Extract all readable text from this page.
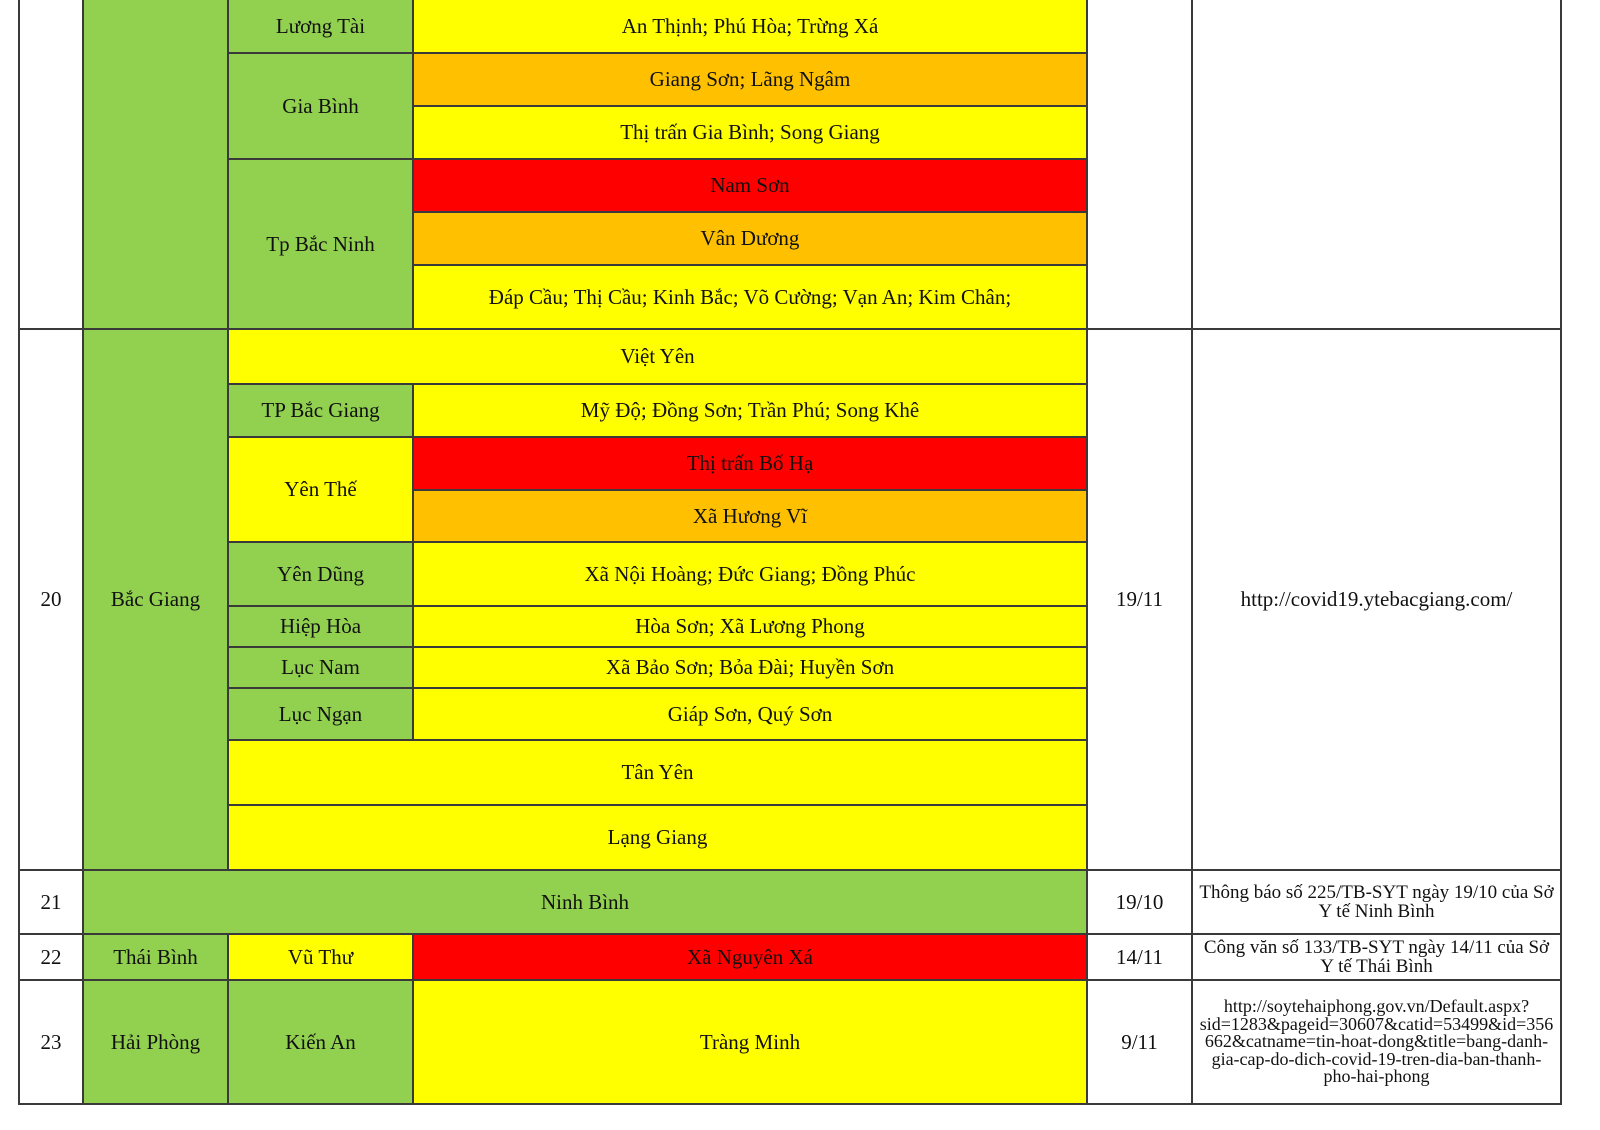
		Lương Tài	An Thịnh; Phú Hòa; Trừng Xá		
		Gia Bình	Giang Sơn; Lãng Ngâm		
			Thị trấn Gia Bình; Song Giang		
		Tp Bắc Ninh	Nam Sơn		
			Vân Dương		
			Đáp Cầu; Thị Cầu; Kinh Bắc; Võ Cường; Vạn An; Kim Chân;		

20	Bắc Giang	Việt Yên		19/11	http://covid19.ytebacgiang.com/
		TP Bắc Giang	Mỹ Độ; Đồng Sơn; Trần Phú; Song Khê		
		Yên Thế	Thị trấn Bố Hạ		
			Xã Hương Vĩ		
		Yên Dũng	Xã Nội Hoàng; Đức Giang; Đồng Phúc		
		Hiệp Hòa	Hòa Sơn; Xã Lương Phong		
		Lục Nam	Xã Bảo Sơn; Bỏa Đài; Huyền Sơn		
		Lục Ngạn	Giáp Sơn, Quý Sơn		
		Tân Yên			
		Lạng Giang			

21	Ninh Bình			19/10	Thông báo số 225/TB-SYT ngày 19/10 của Sở Y tế Ninh Bình
22	Thái Bình	Vũ Thư	Xã Nguyên Xá	14/11	Công văn số 133/TB-SYT ngày 14/11 của Sở Y tế Thái Bình
23	Hải Phòng	Kiến An	Tràng Minh	9/11	http://soytehaiphong.gov.vn/Default.aspx?sid=1283&pageid=30607&catid=53499&id=356662&catname=tin-hoat-dong&title=bang-danh-gia-cap-do-dich-covid-19-tren-dia-ban-thanh-pho-hai-phong
